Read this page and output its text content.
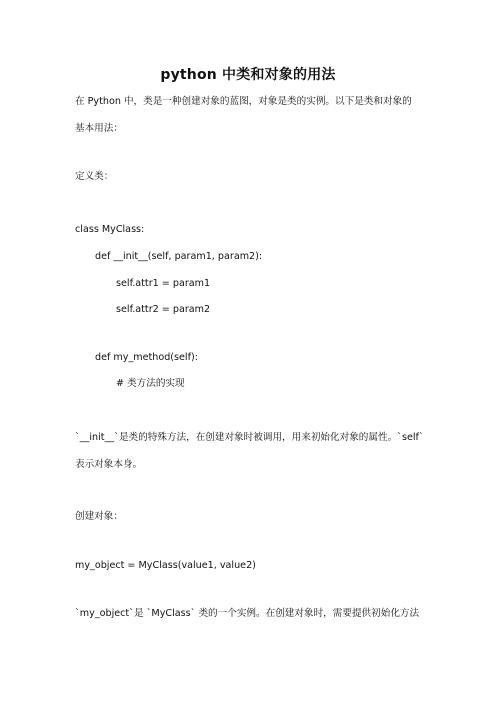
python 中类和对象的用法
在 Python 中，类是一种创建对象的蓝图，对象是类的实例。以下是类和对象的
基本用法：
定义类：
class MyClass:
def __init__(self, param1, param2):
self.attr1 = param1
self.attr2 = param2
def my_method(self):
# 类方法的实现
`__init__`是类的特殊方法，在创建对象时被调用，用来初始化对象的属性。`self`
表示对象本身。
创建对象：
my_object = MyClass(value1, value2)
`my_object`是 `MyClass` 类的一个实例。在创建对象时，需要提供初始化方法
